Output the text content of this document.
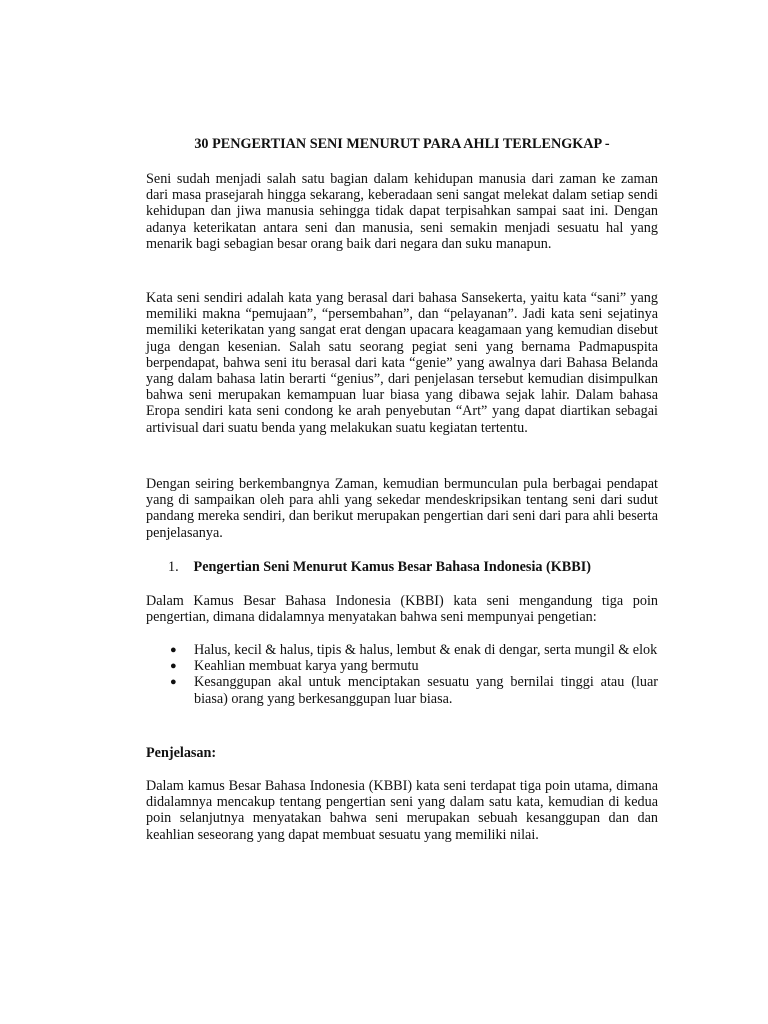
30 PENGERTIAN SENI MENURUT PARA AHLI TERLENGKAP -

Seni sudah menjadi salah satu bagian dalam kehidupan manusia dari zaman ke zaman dari masa prasejarah hingga sekarang, keberadaan seni sangat melekat dalam setiap sendi kehidupan dan jiwa manusia sehingga tidak dapat terpisahkan sampai saat ini. Dengan adanya keterikatan antara seni dan manusia, seni semakin menjadi sesuatu hal yang menarik bagi sebagian besar orang baik dari negara dan suku manapun.

Kata seni sendiri adalah kata yang berasal dari bahasa Sansekerta, yaitu kata “sani” yang memiliki makna “pemujaan”, “persembahan”, dan “pelayanan”. Jadi kata seni sejatinya memiliki keterikatan yang sangat erat dengan upacara keagamaan yang kemudian disebut juga dengan kesenian. Salah satu seorang pegiat seni yang bernama Padmapuspita berpendapat, bahwa seni itu berasal dari kata “genie” yang awalnya dari Bahasa Belanda yang dalam bahasa latin berarti “genius”, dari penjelasan tersebut kemudian disimpulkan bahwa seni merupakan kemampuan luar biasa yang dibawa sejak lahir. Dalam bahasa Eropa sendiri kata seni condong ke arah penyebutan “Art” yang dapat diartikan sebagai artivisual dari suatu benda yang melakukan suatu kegiatan tertentu.

Dengan seiring berkembangnya Zaman, kemudian bermunculan pula berbagai pendapat yang di sampaikan oleh para ahli yang sekedar mendeskripsikan tentang seni dari sudut pandang mereka sendiri, dan berikut merupakan pengertian dari seni dari para ahli beserta penjelasanya.

1. Pengertian Seni Menurut Kamus Besar Bahasa Indonesia (KBBI)

Dalam Kamus Besar Bahasa Indonesia (KBBI) kata seni mengandung tiga poin pengertian, dimana didalamnya menyatakan bahwa seni mempunyai pengetian:

● Halus, kecil & halus, tipis & halus, lembut & enak di dengar, serta mungil & elok
● Keahlian membuat karya yang bermutu
● Kesanggupan akal untuk menciptakan sesuatu yang bernilai tinggi atau (luar biasa) orang yang berkesanggupan luar biasa.
Penjelasan:

Dalam kamus Besar Bahasa Indonesia (KBBI) kata seni terdapat tiga poin utama, dimana didalamnya mencakup tentang pengertian seni yang dalam satu kata, kemudian di kedua poin selanjutnya menyatakan bahwa seni merupakan sebuah kesanggupan dan dan keahlian seseorang yang dapat membuat sesuatu yang memiliki nilai.
